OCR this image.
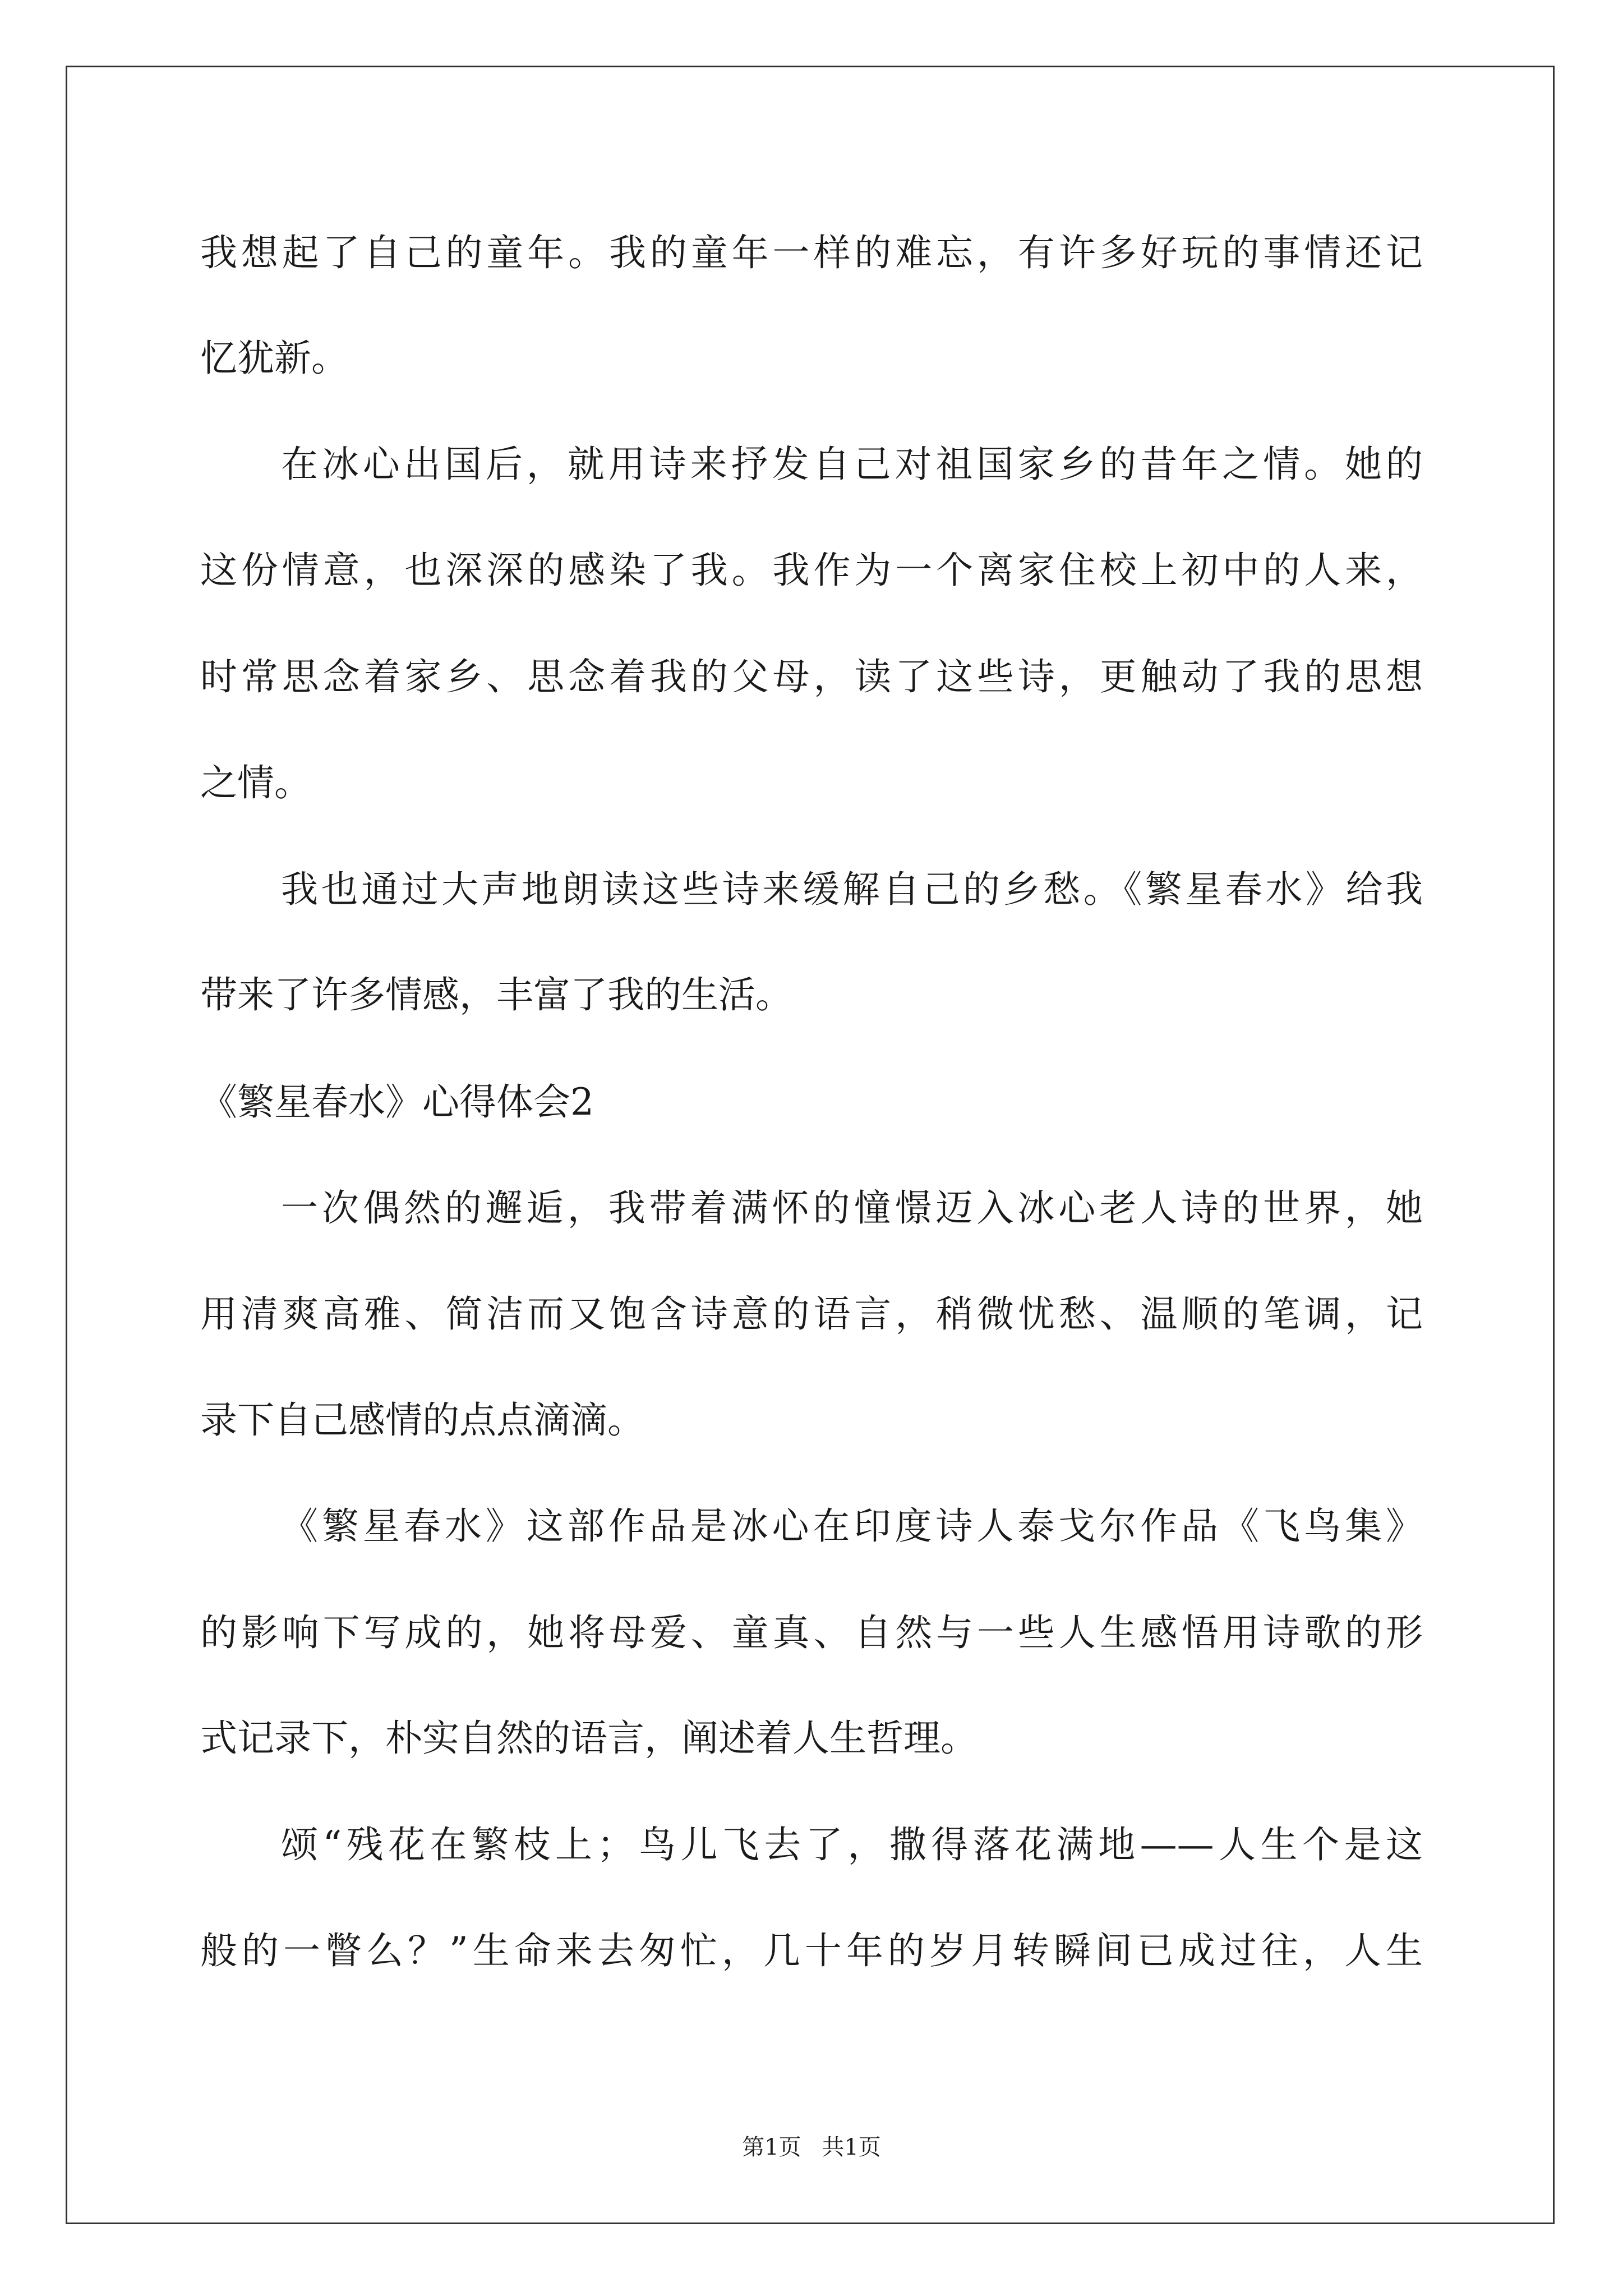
我想起了自己的童年。我的童年一样的难忘，有许多好玩的事情还记
忆犹新。
在冰心出国后，就用诗来抒发自己对祖国家乡的昔年之情。她的
这份情意，也深深的感染了我。我作为一个离家住校上初中的人来，
时常思念着家乡、思念着我的父母，读了这些诗，更触动了我的思想
之情。
我也通过大声地朗读这些诗来缓解自己的乡愁。《繁星春水》给我
带来了许多情感，丰富了我的生活。
《繁星春水》心得体会2
一次偶然的邂逅，我带着满怀的憧憬迈入冰心老人诗的世界，她
用清爽高雅、简洁而又饱含诗意的语言，稍微忧愁、温顺的笔调，记
录下自己感情的点点滴滴。
《繁星春水》这部作品是冰心在印度诗人泰戈尔作品《飞鸟集》
的影响下写成的，她将母爱、童真、自然与一些人生感悟用诗歌的形
式记录下，朴实自然的语言，阐述着人生哲理。
颂“残花在繁枝上；鸟儿飞去了，撒得落花满地——人生个是这
般的一瞥么？”生命来去匆忙，几十年的岁月转瞬间已成过往，人生
第1页 共1页
